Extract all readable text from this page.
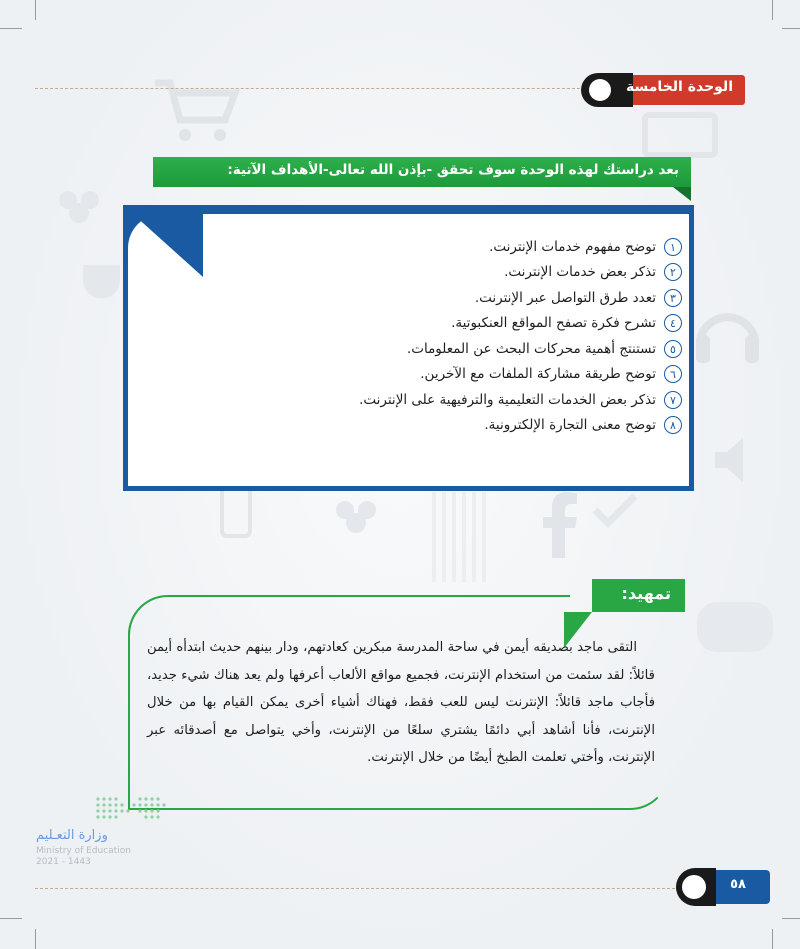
الوحدة الخامسة
بعد دراستك لهذه الوحدة سوف تحقق -بإذن الله تعالى-الأهداف الآتية:
١
توضح مفهوم خدمات الإنترنت.
٢
تذكر بعض خدمات الإنترنت.
٣
تعدد طرق التواصل عبر الإنترنت.
٤
تشرح فكرة تصفح المواقع العنكبوتية.
٥
تستنتج أهمية محركات البحث عن المعلومات.
٦
توضح طريقة مشاركة الملفات مع الآخرين.
٧
تذكر بعض الخدمات التعليمية والترفيهية على الإنترنت.
٨
توضح معنى التجارة الإلكترونية.
تمهيد:

التقى ماجد بصديقه أيمن في ساحة المدرسة مبكرين كعادتهم، ودار بينهم حديث ابتدأه أيمن قائلاً: لقد سئمت من استخدام الإنترنت، فجميع مواقع الألعاب أعرفها ولم يعد هناك شيء جديد، فأجاب ماجد قائلاً: الإنترنت ليس للعب فقط، فهناك أشياء أخرى يمكن القيام بها من خلال الإنترنت، فأنا أشاهد أبي دائمًا يشتري سلعًا من الإنترنت، وأخي يتواصل مع أصدقائه عبر الإنترنت، وأختي تعلمت الطبخ أيضًا من خلال الإنترنت.

وزارة التعـليم
Ministry of Education
2021 - 1443
٥٨
